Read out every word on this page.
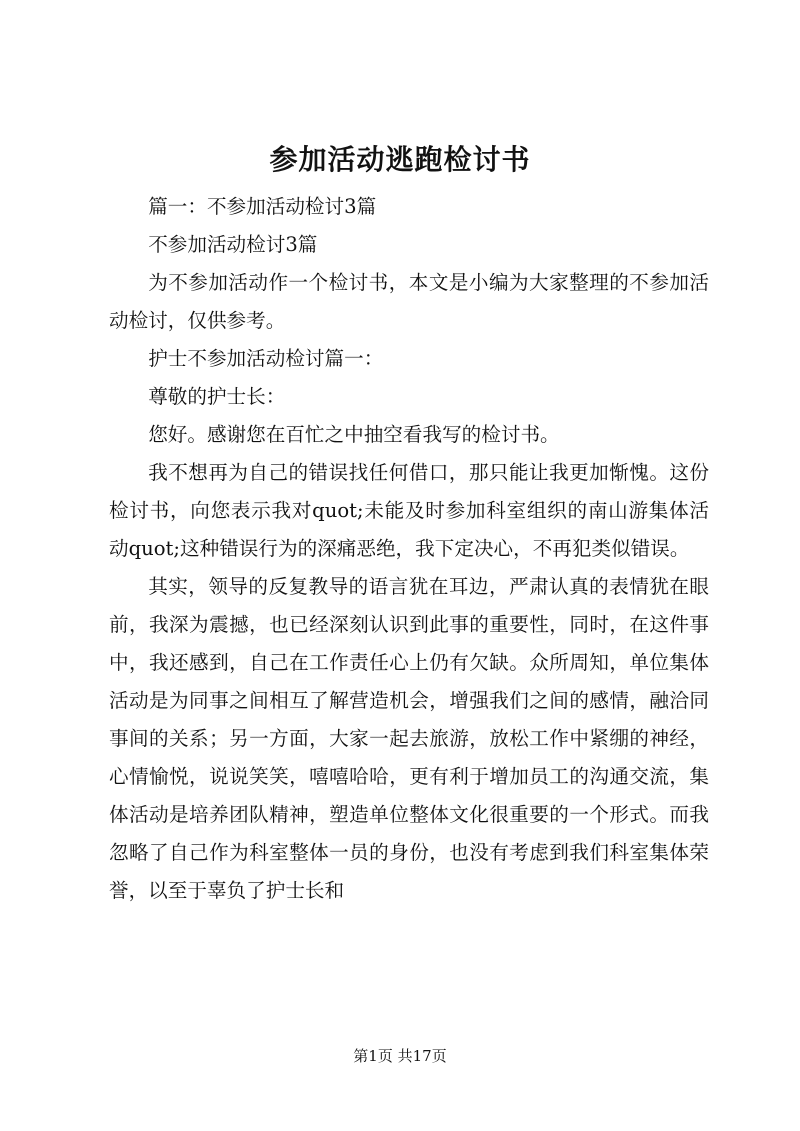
参加活动逃跑检讨书

篇一：不参加活动检讨3篇

不参加活动检讨3篇

为不参加活动作一个检讨书，本文是小编为大家整理的不参加活动检讨，仅供参考。

护士不参加活动检讨篇一：

尊敬的护士长：

您好。感谢您在百忙之中抽空看我写的检讨书。

我不想再为自己的错误找任何借口，那只能让我更加惭愧。这份检讨书，向您表示我对quot;未能及时参加科室组织的南山游集体活动quot;这种错误行为的深痛恶绝，我下定决心，不再犯类似错误。

其实，领导的反复教导的语言犹在耳边，严肃认真的表情犹在眼前，我深为震撼，也已经深刻认识到此事的重要性，同时，在这件事中，我还感到，自己在工作责任心上仍有欠缺。众所周知，单位集体活动是为同事之间相互了解营造机会，增强我们之间的感情，融洽同事间的关系；另一方面，大家一起去旅游，放松工作中紧绷的神经，心情愉悦，说说笑笑，嘻嘻哈哈，更有利于增加员工的沟通交流，集体活动是培养团队精神，塑造单位整体文化很重要的一个形式。而我忽略了自己作为科室整体一员的身份，也没有考虑到我们科室集体荣誉，以至于辜负了护士长和

第1页 共17页
